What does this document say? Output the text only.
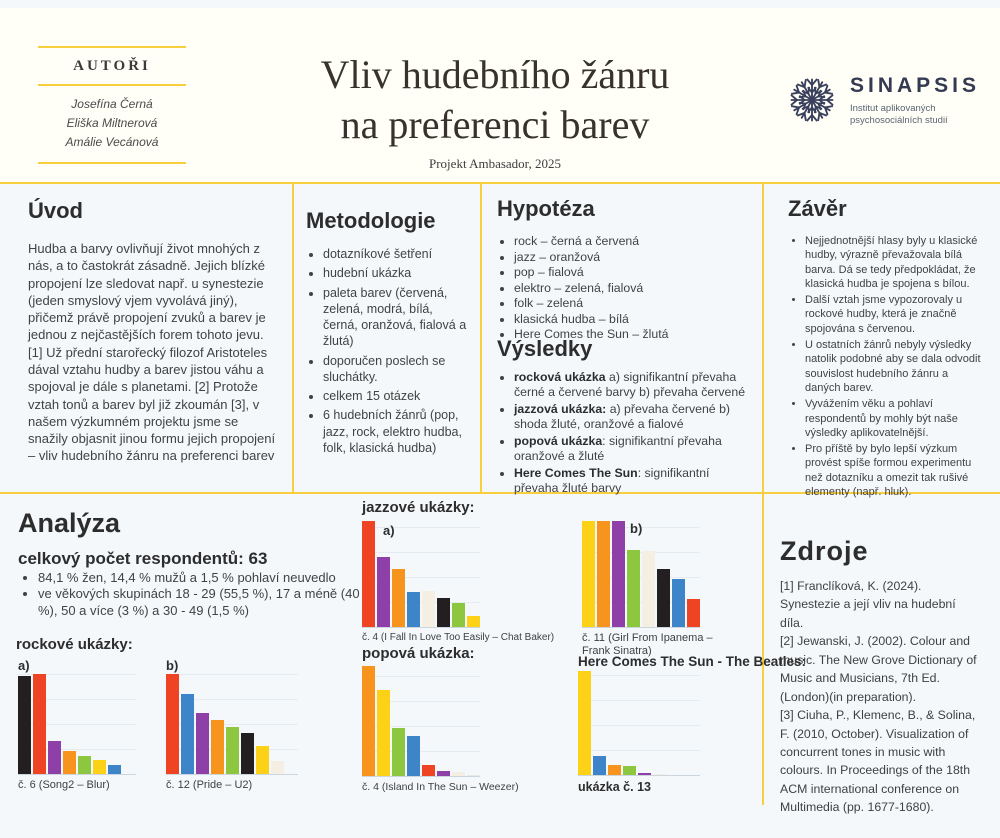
AUTOŘI
Josefína Černá
Eliška Miltnerová
Amálie Vecánová
Vliv hudebního žánru
na preferenci barev
Projekt Ambasador, 2025
SINAPSIS
Institut aplikovaných
psychosociálních studií
Úvod

Hudba a barvy ovlivňují život mnohých z nás, a to častokrát zásadně. Jejich blízké propojení lze sledovat např. u synestezie (jeden smyslový vjem vyvolává jiný), přičemž právě propojení zvuků a barev je jednou z nejčastějších forem tohoto jevu.[1] Už přední starořecký filozof Aristoteles dával vztahu hudby a barev jistou váhu a spojoval je dále s planetami. [2] Protože vztah tonů a barev byl již zkoumán [3], v našem výzkumném projektu jsme se snažily objasnit jinou formu jejich propojení – vliv hudebního žánru na preferenci barev

Metodologie
• dotazníkové šetření
• hudební ukázka
• paleta barev (červená, zelená, modrá, bílá, černá, oranžová, fialová a žlutá)
• doporučen poslech se sluchátky.
• celkem 15 otázek
• 6 hudebních žánrů (pop, jazz, rock, elektro hudba, folk, klasická hudba)
Hypotéza
• rock – černá a červená
• jazz – oranžová
• pop – fialová
• elektro – zelená, fialová
• folk – zelená
• klasická hudba – bílá
• Here Comes the Sun – žlutá
Výsledky
• rocková ukázka a) signifikantní převaha černé a červené barvy b) převaha červené
• jazzová ukázka: a) převaha červené b) shoda žluté, oranžové a fialové
• popová ukázka: signifikantní převaha oranžové a žluté
• Here Comes The Sun: signifikantní převaha žluté barvy
Závěr
• Nejjednotnější hlasy byly u klasické hudby, výrazně převažovala bílá barva. Dá se tedy předpokládat, že klasická hudba je spojena s bílou.
• Další vztah jsme vypozorovaly u rockové hudby, která je značně spojována s červenou.
• U ostatních žánrů nebyly výsledky natolik podobné aby se dala odvodit souvislost hudebního žánru a daných barev.
• Vyvážením věku a pohlaví respondentů by mohly být naše výsledky aplikovatelnější.
• Pro příště by bylo lepší výzkum provést spíše formou experimentu než dotazníku a omezit tak rušivé elementy (např. hluk).
Analýza
celkový počet respondentů: 63
• 84,1 % žen, 14,4 % mužů a 1,5 % pohlaví neuvedlo
• ve věkových skupinách 18 - 29 (55,5 %), 17 a méně (40 %), 50 a více (3 %) a 30 - 49 (1,5 %)
rockové ukázky:
jazzové ukázky:
popová ukázka:	Here Comes The Sun - The Beatles:
a)
č. 6 (Song2 – Blur)
b)
č. 12 (Pride – U2)
a)
č. 4 (I Fall In Love Too Easily – Chat Baker)
b)
č. 11 (Girl From Ipanema – Frank Sinatra)
č. 4 (Island In The Sun – Weezer)	ukázka č. 13
Zdroje
[1] Franclíková, K. (2024). Synestezie a její vliv na hudební díla.
[2] Jewanski, J. (2002). Colour and music. The New Grove Dictionary of Music and Musicians, 7th Ed.(London)(in preparation).
[3] Ciuha, P., Klemenc, B., & Solina, F. (2010, October). Visualization of concurrent tones in music with colours. In Proceedings of the 18th ACM international conference on Multimedia (pp. 1677-1680).
